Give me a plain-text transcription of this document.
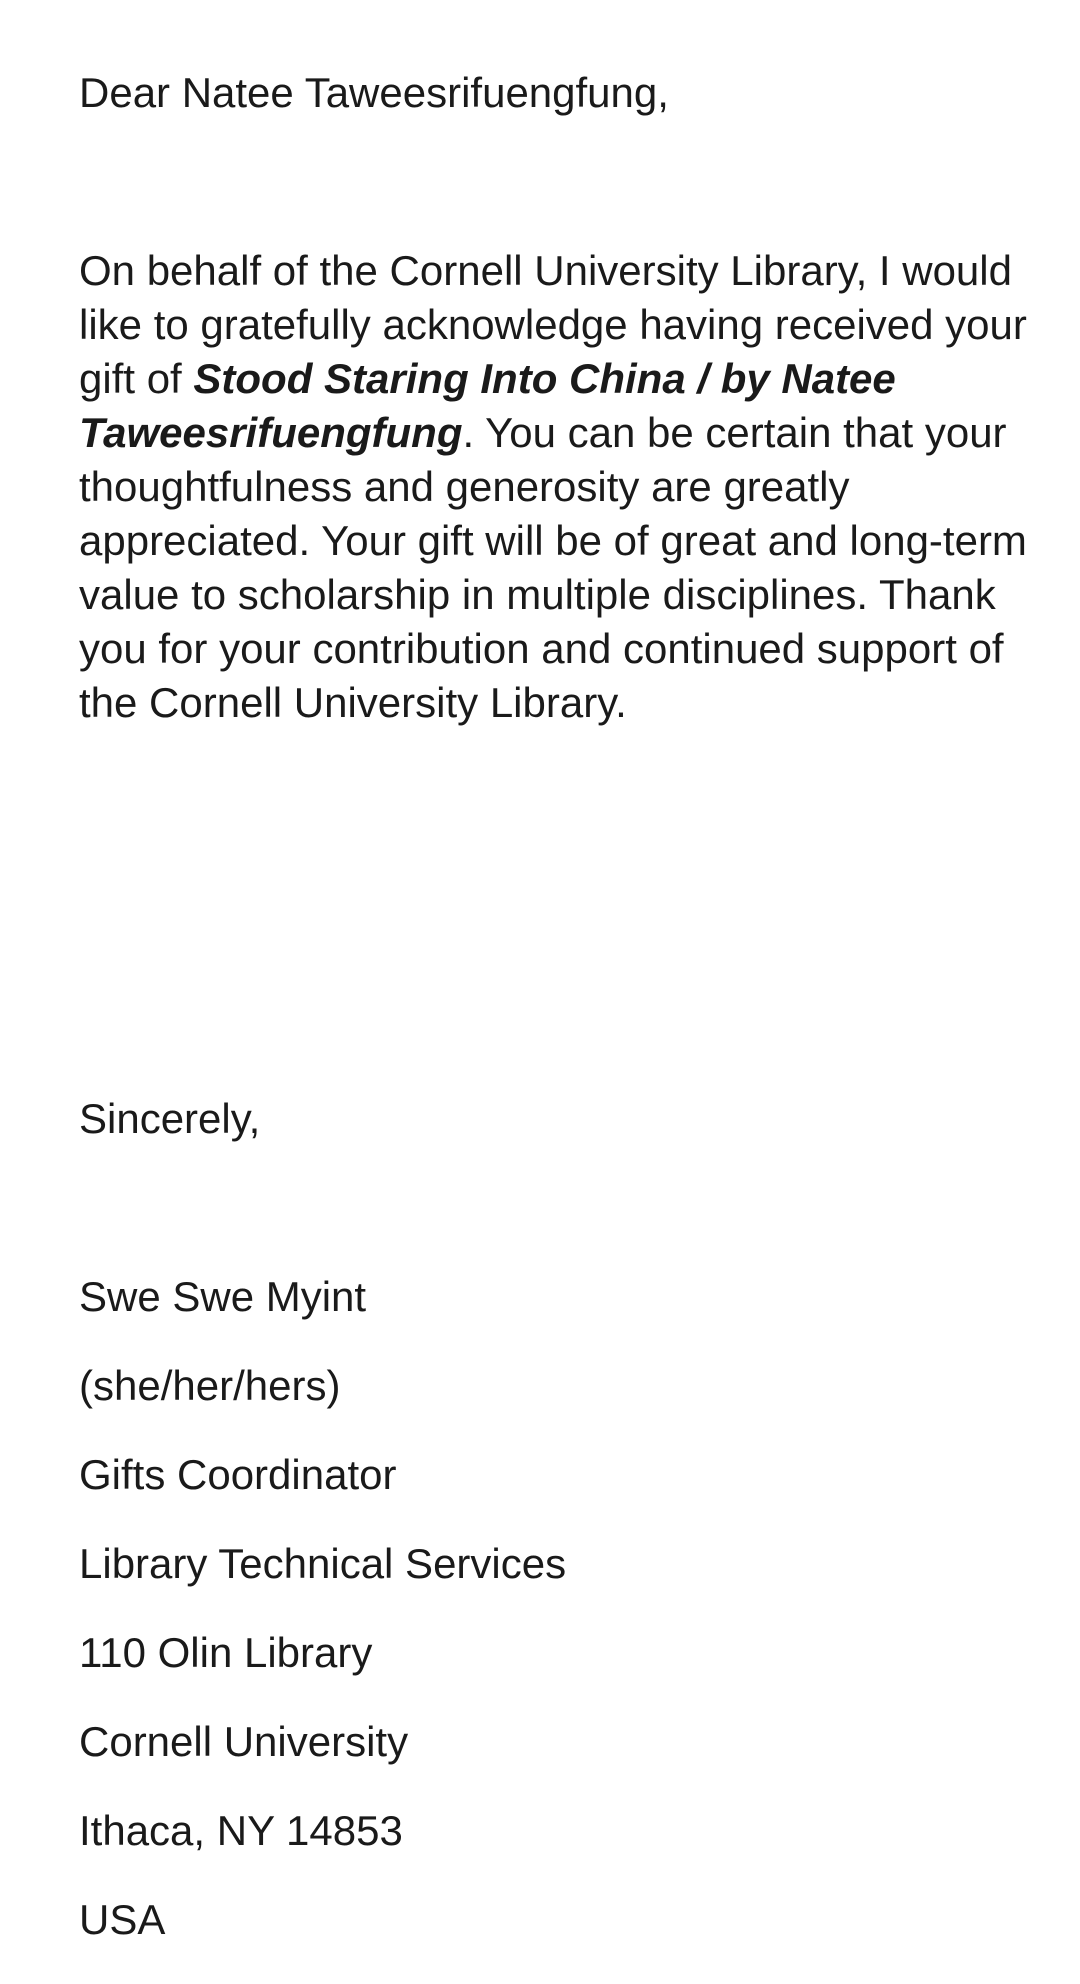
Dear Natee Taweesrifuengfung,
On behalf of the Cornell University Library, I would like to gratefully acknowledge having received your gift of Stood Staring Into China / by Natee Taweesrifuengfung. You can be certain that your thoughtfulness and generosity are greatly appreciated. Your gift will be of great and long-term value to scholarship in multiple disciplines. Thank you for your contribution and continued support of the Cornell University Library.
Sincerely,
Swe Swe Myint
(she/her/hers)
Gifts Coordinator
Library Technical Services
110 Olin Library
Cornell University
Ithaca, NY 14853
USA
